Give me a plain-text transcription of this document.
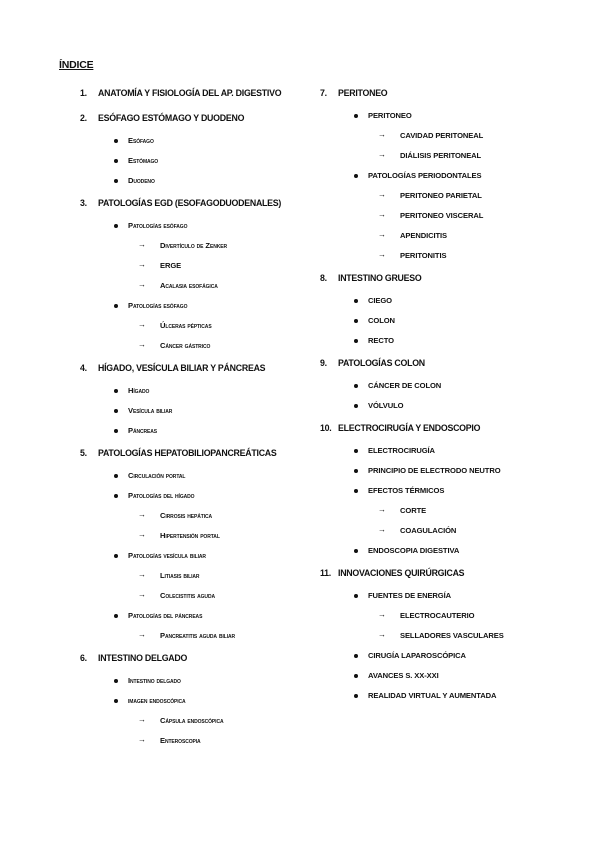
ÍNDICE
1. ANATOMÍA Y FISIOLOGÍA DEL AP. DIGESTIVO
2. ESÓFAGO ESTÓMAGO Y DUODENO
Esófago
Estómago
Duodeno
3. PATOLOGÍAS EGD (ESOFAGODUODENALES)
Patologías esófago
→ Divertículo de Zenker
→ ERGE
→ Acalasia esofágica
Patologías esófago
→ Úlceras pépticas
→ Cáncer gástrico
4. HÍGADO, VESÍCULA BILIAR Y PÁNCREAS
Hígado
Vesícula biliar
Páncreas
5. PATOLOGÍAS HEPATOBILIOPANCREÁTICAS
Circulación portal
Patologías del hígado
→ Cirrosis hepática
→ Hipertensión portal
Patologías vesícula biliar
→ Litiasis biliar
→ Colecistitis aguda
Patologías del páncreas
→ Pancreatitis aguda biliar
6. INTESTINO DELGADO
Intestino delgado
imagen endoscópica
→ Cápsula endoscópica
→ Enteroscopia
7. PERITONEO
PERITONEO
→ CAVIDAD PERITONEAL
→ DIÁLISIS PERITONEAL
PATOLOGÍAS PERIODONTALES
→ PERITONEO PARIETAL
→ PERITONEO VISCERAL
→ APENDICITIS
→ PERITONITIS
8. INTESTINO GRUESO
CIEGO
COLON
RECTO
9. PATOLOGÍAS COLON
CÁNCER DE COLON
VÓLVULO
10. ELECTROCIRUGÍA Y ENDOSCOPIO
ELECTROCIRUGÍA
PRINCIPIO DE ELECTRODO NEUTRO
EFECTOS TÉRMICOS
→ CORTE
→ COAGULACIÓN
ENDOSCOPIA DIGESTIVA
11. INNOVACIONES QUIRÚRGICAS
FUENTES DE ENERGÍA
→ ELECTROCAUTERIO
→ SELLADORES VASCULARES
CIRUGÍA LAPAROSCÓPICA
AVANCES S. XX-XXI
REALIDAD VIRTUAL Y AUMENTADA
